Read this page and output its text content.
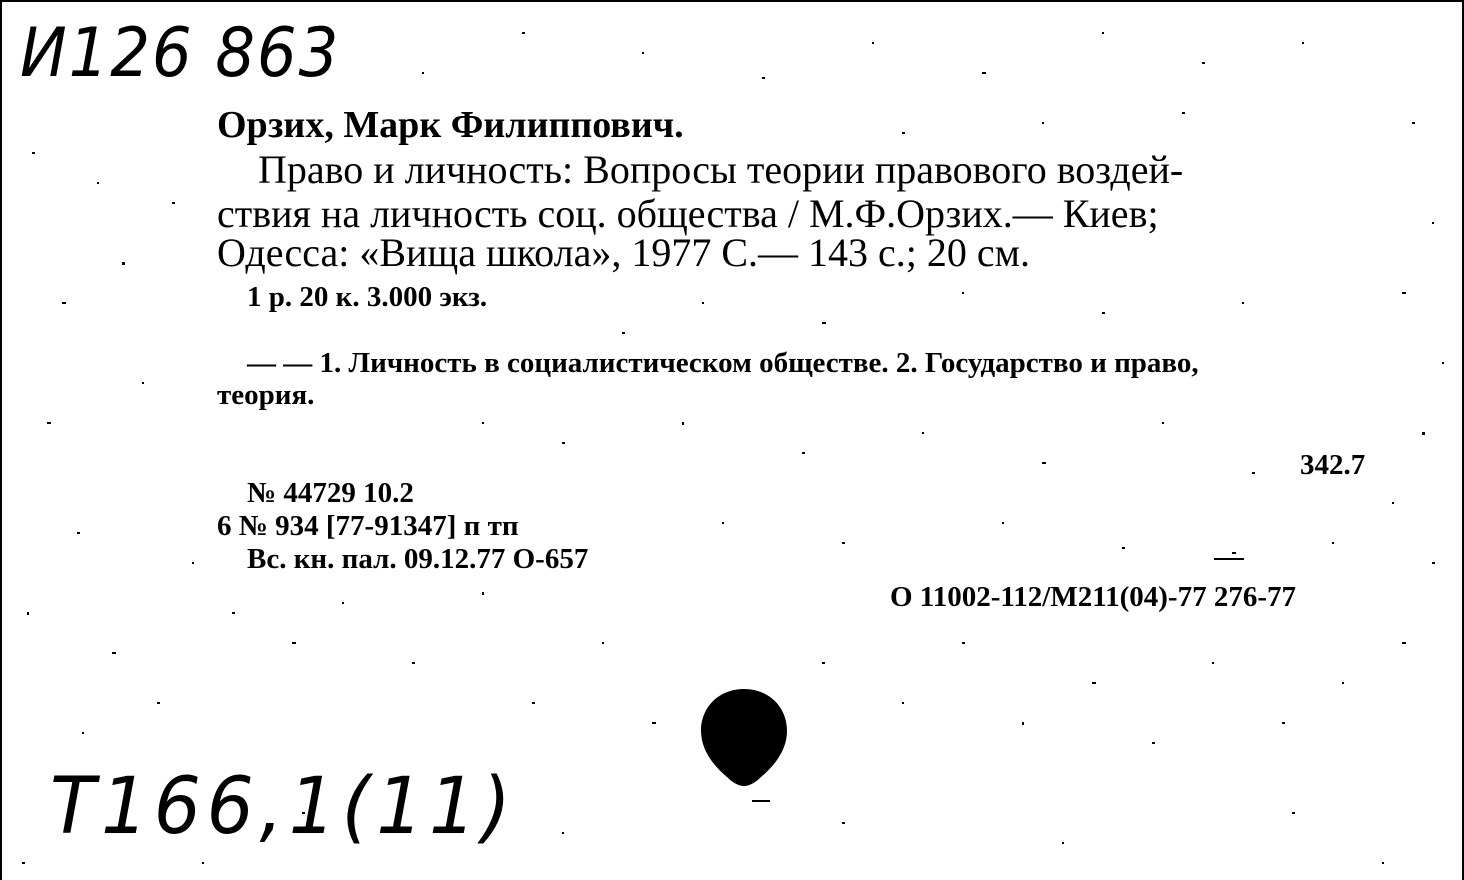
И126 863
Орзих, Марк Филиппович.
Право и личность: Вопросы теории правового воздей-
ствия на личность соц. общества / М.Ф.Орзих.— Киев;
Одесса: «Вища школа», 1977 С.— 143 с.; 20 см.
1 р. 20 к. 3.000 экз.
— — 1. Личность в социалистическом обществе. 2. Государство и право,
теория.
342.7
№ 44729 10.2
6 № 934 [77-91347] п тп
Вс. кн. пал. 09.12.77 О-657
О 11002-112/М211(04)-77 276-77
Т166,1(11)
